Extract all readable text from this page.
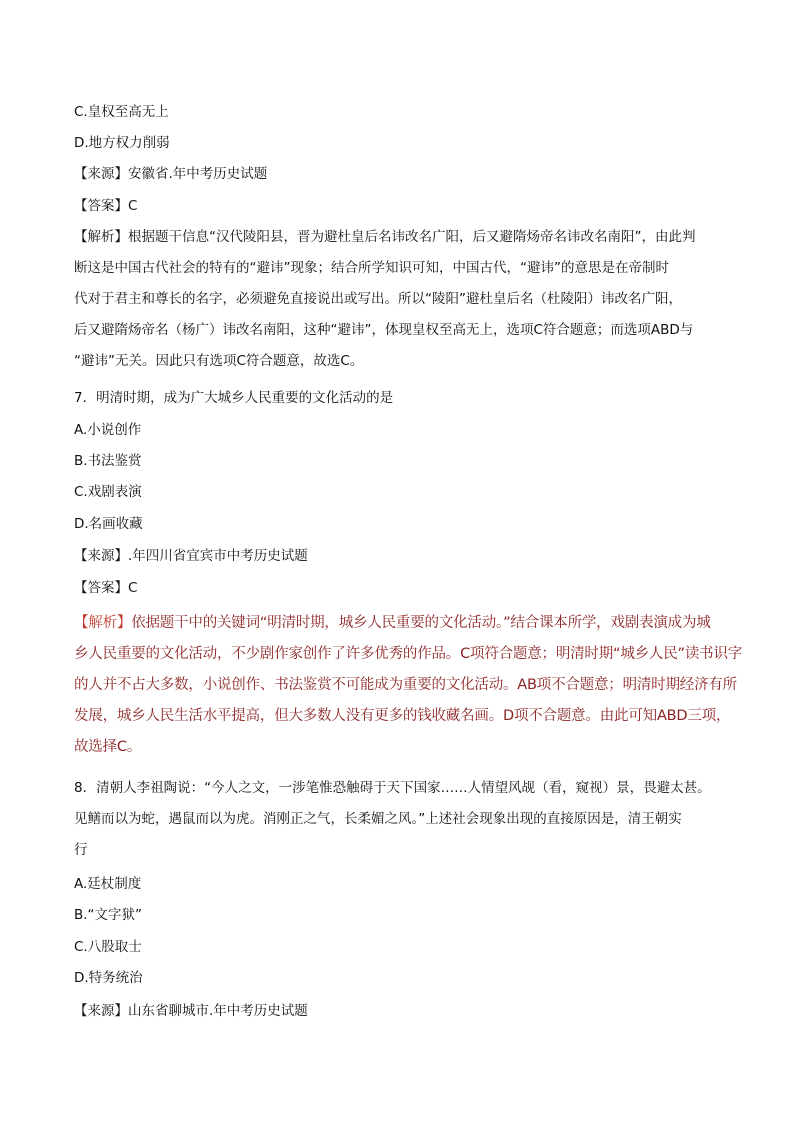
C.皇权至高无上
D.地方权力削弱
【来源】安徽省.年中考历史试题
【答案】C
【解析】根据题干信息“汉代陵阳县，晋为避杜皇后名讳改名广阳，后又避隋炀帝名讳改名南阳”，由此判
断这是中国古代社会的特有的“避讳”现象；结合所学知识可知，中国古代，“避讳”的意思是在帝制时
代对于君主和尊长的名字，必须避免直接说出或写出。所以“陵阳”避杜皇后名（杜陵阳）讳改名广阳，
后又避隋炀帝名（杨广）讳改名南阳，这种“避讳”，体现皇权至高无上，选项C符合题意；而选项ABD与
“避讳”无关。因此只有选项C符合题意，故选C。
7．明清时期，成为广大城乡人民重要的文化活动的是
A.小说创作
B.书法鉴赏
C.戏剧表演
D.名画收藏
【来源】.年四川省宜宾市中考历史试题
【答案】C
【解析】依据题干中的关键词“明清时期，城乡人民重要的文化活动。”结合课本所学，戏剧表演成为城
乡人民重要的文化活动，不少剧作家创作了许多优秀的作品。C项符合题意；明清时期“城乡人民”读书识字
的人并不占大多数，小说创作、书法鉴赏不可能成为重要的文化活动。AB项不合题意；明清时期经济有所
发展，城乡人民生活水平提高，但大多数人没有更多的钱收藏名画。D项不合题意。由此可知ABD三项，
故选择C。
8．清朝人李祖陶说：“今人之文，一涉笔惟恐触碍于天下国家……人情望风觇（看，窥视）景，畏避太甚。
见鳝而以为蛇，遇鼠而以为虎。消刚正之气，长柔媚之风。”上述社会现象出现的直接原因是，清王朝实
行
A.廷杖制度
B.“文字狱”
C.八股取士
D.特务统治
【来源】山东省聊城市.年中考历史试题
